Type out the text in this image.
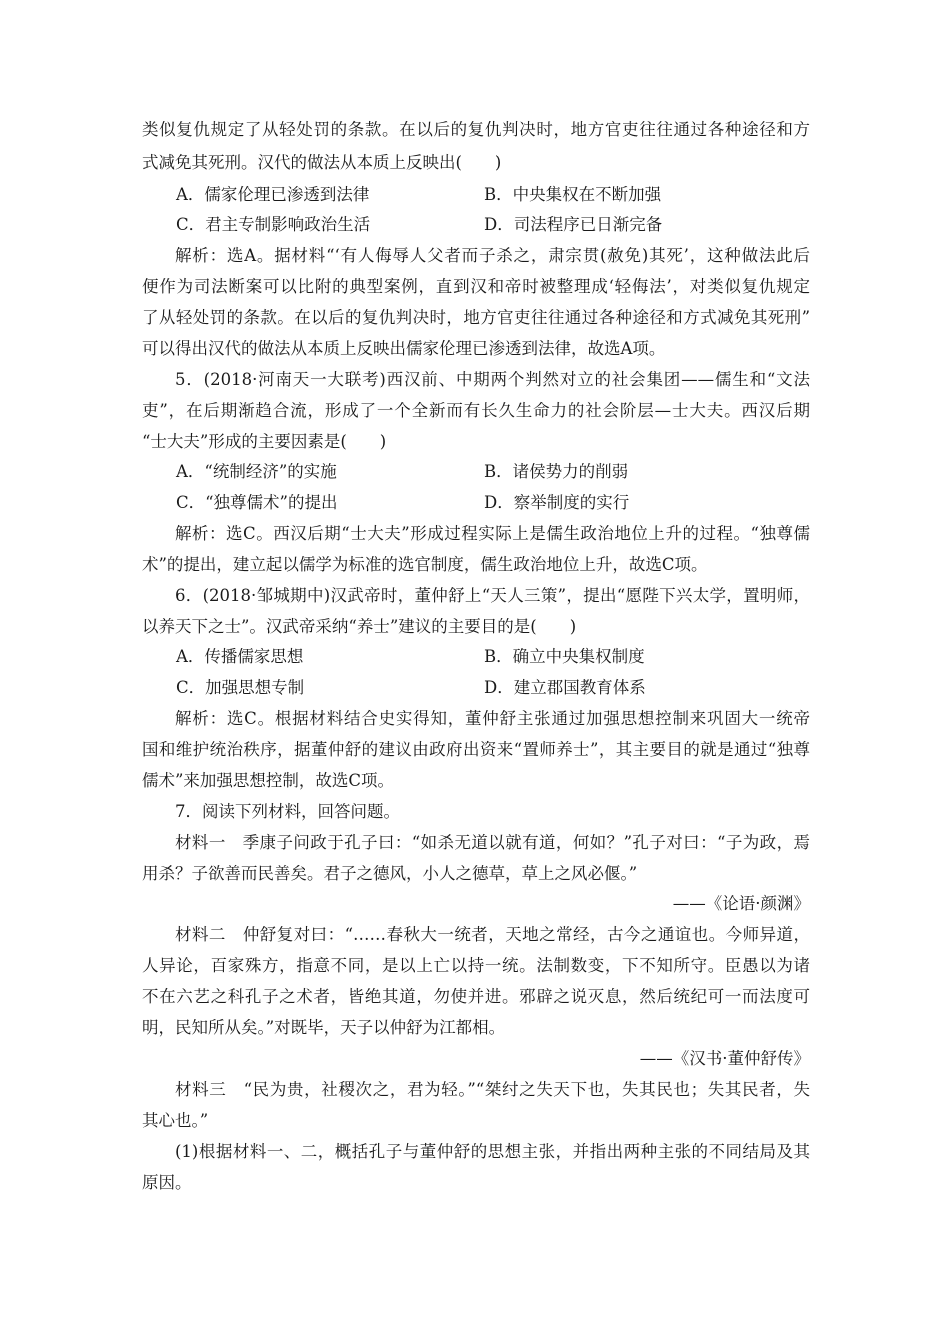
类似复仇规定了从轻处罚的条款。在以后的复仇判决时，地方官吏往往通过各种途径和方
式减免其死刑。汉代的做法从本质上反映出(　　)
A．儒家伦理已渗透到法律	B．中央集权在不断加强
C．君主专制影响政治生活	D．司法程序已日渐完备
解析：选A。据材料“‘有人侮辱人父者而子杀之，肃宗贯(赦免)其死’，这种做法此后
便作为司法断案可以比附的典型案例，直到汉和帝时被整理成‘轻侮法’，对类似复仇规定
了从轻处罚的条款。在以后的复仇判决时，地方官吏往往通过各种途径和方式减免其死刑”
可以得出汉代的做法从本质上反映出儒家伦理已渗透到法律，故选A项。
5．(2018·河南天一大联考)西汉前、中期两个判然对立的社会集团——儒生和“文法
吏”，在后期渐趋合流，形成了一个全新而有长久生命力的社会阶层—士大夫。西汉后期
“士大夫”形成的主要因素是(　　)
A．“统制经济”的实施	B．诸侯势力的削弱
C．“独尊儒术”的提出	D．察举制度的实行
解析：选C。西汉后期“士大夫”形成过程实际上是儒生政治地位上升的过程。“独尊儒
术”的提出，建立起以儒学为标准的选官制度，儒生政治地位上升，故选C项。
6．(2018·邹城期中)汉武帝时，董仲舒上“天人三策”，提出“愿陛下兴太学，置明师，
以养天下之士”。汉武帝采纳“养士”建议的主要目的是(　　)
A．传播儒家思想	B．确立中央集权制度
C．加强思想专制	D．建立郡国教育体系
解析：选C。根据材料结合史实得知，董仲舒主张通过加强思想控制来巩固大一统帝
国和维护统治秩序，据董仲舒的建议由政府出资来“置师养士”，其主要目的就是通过“独尊
儒术”来加强思想控制，故选C项。
7．阅读下列材料，回答问题。
材料一　季康子问政于孔子曰：“如杀无道以就有道，何如？”孔子对曰：“子为政，焉
用杀？子欲善而民善矣。君子之德风，小人之德草，草上之风必偃。”
——《论语·颜渊》
材料二　仲舒复对曰：“……春秋大一统者，天地之常经，古今之通谊也。今师异道，
人异论，百家殊方，指意不同，是以上亡以持一统。法制数变，下不知所守。臣愚以为诸
不在六艺之科孔子之术者，皆绝其道，勿使并进。邪辟之说灭息，然后统纪可一而法度可
明，民知所从矣。”对既毕，天子以仲舒为江都相。
——《汉书·董仲舒传》
材料三　“民为贵，社稷次之，君为轻。”“桀纣之失天下也，失其民也；失其民者，失
其心也。”
(1)根据材料一、二，概括孔子与董仲舒的思想主张，并指出两种主张的不同结局及其
原因。
